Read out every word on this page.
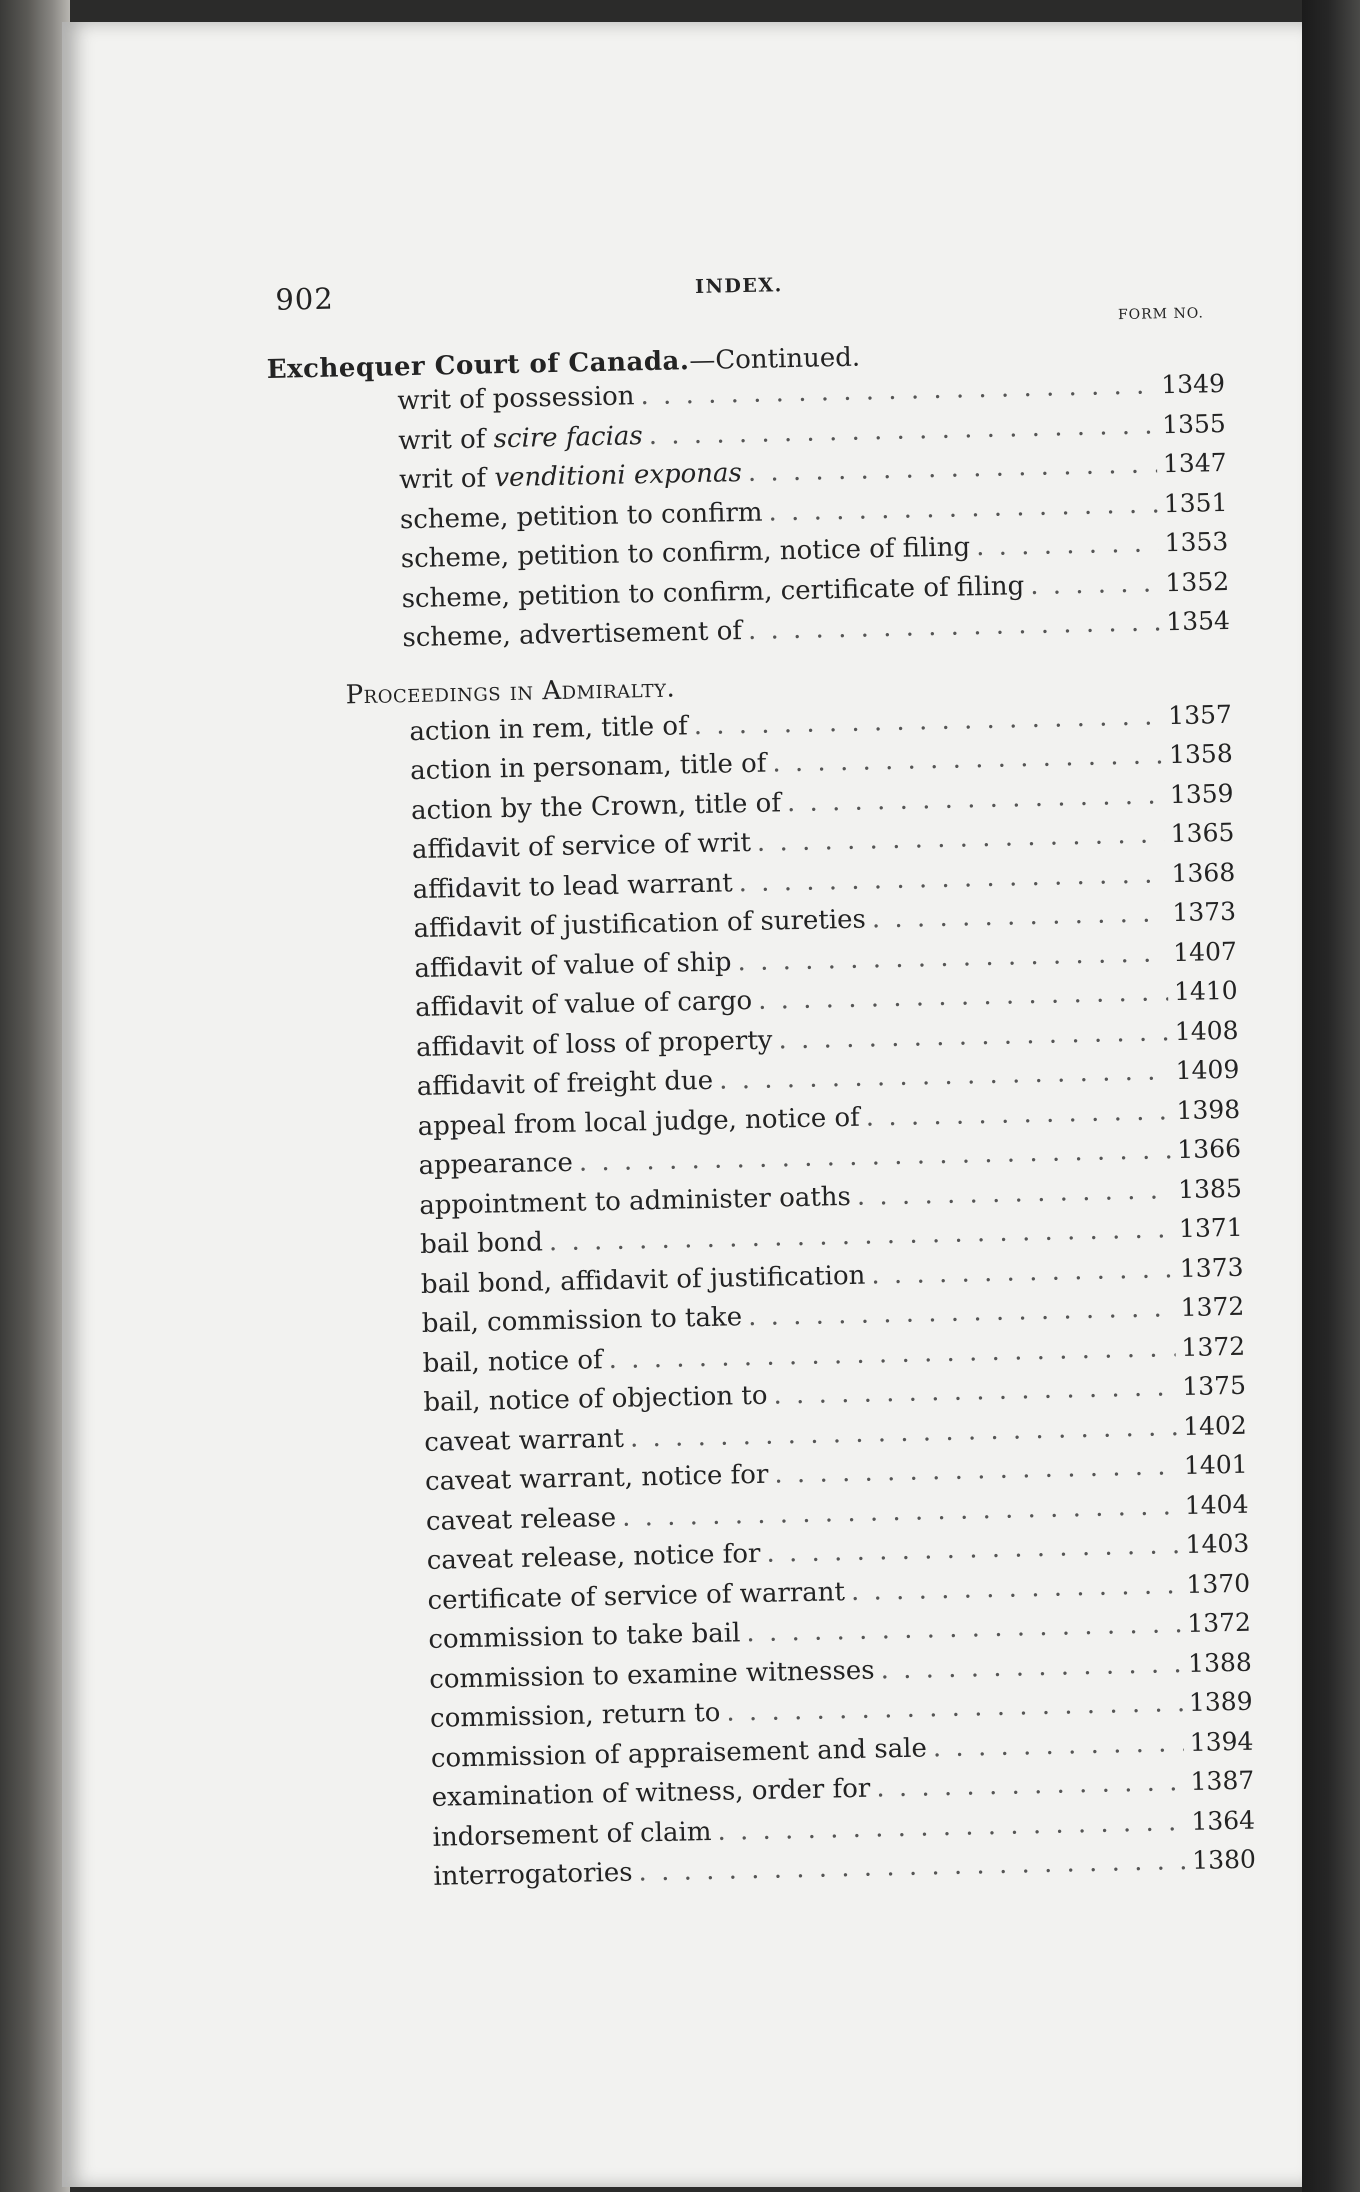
902	INDEX.
FORM NO.
Exchequer Court of Canada.—Continued.
writ of possession . . .	1349
writ of scire facias . . .	1355
writ of venditioni exponas . . .	1347
scheme, petition to confirm . . .	1351
scheme, petition to confirm, notice of filing . . .	1353
scheme, petition to confirm, certificate of filing . . .	1352
scheme, advertisement of . . .	1354
Proceedings in Admiralty.
action in rem, title of . . .	1357
action in personam, title of . . .	1358
action by the Crown, title of . . .	1359
affidavit of service of writ . . .	1365
affidavit to lead warrant . . .	1368
affidavit of justification of sureties . . .	1373
affidavit of value of ship . . .	1407
affidavit of value of cargo . . .	1410
affidavit of loss of property . . .	1408
affidavit of freight due . . .	1409
appeal from local judge, notice of . . .	1398
appearance . . .	1366
appointment to administer oaths . . .	1385
bail bond . . .	1371
bail bond, affidavit of justification . . .	1373
bail, commission to take . . .	1372
bail, notice of . . .	1372
bail, notice of objection to . . .	1375
caveat warrant . . .	1402
caveat warrant, notice for . . .	1401
caveat release . . .	1404
caveat release, notice for . . .	1403
certificate of service of warrant . . .	1370
commission to take bail . . .	1372
commission to examine witnesses . . .	1388
commission, return to . . .	1389
commission of appraisement and sale . . .	1394
examination of witness, order for . . .	1387
indorsement of claim . . .	1364
interrogatories . . .	1380
